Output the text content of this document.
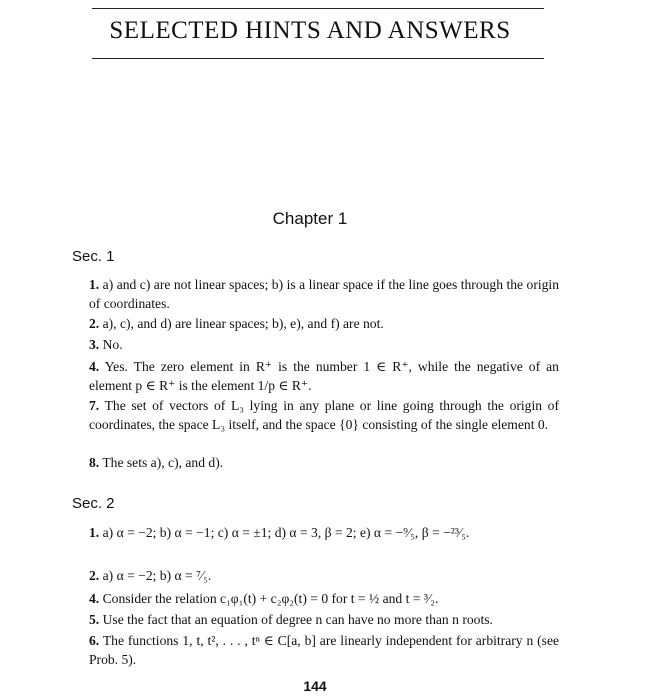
SELECTED HINTS AND ANSWERS
Chapter 1
Sec. 1
1. a) and c) are not linear spaces; b) is a linear space if the line goes through the origin of coordinates.
2. a), c), and d) are linear spaces; b), e), and f) are not.
3. No.
4. Yes. The zero element in R⁺ is the number 1 ∈ R⁺, while the negative of an element p ∈ R⁺ is the element 1/p ∈ R⁺.
7. The set of vectors of L₃ lying in any plane or line going through the origin of coordinates, the space L₃ itself, and the space {0} consisting of the single element 0.
8. The sets a), c), and d).
Sec. 2
1. a) α = −2; b) α = −1; c) α = ±1; d) α = 3, β = 2; e) α = −⁹⁄₅, β = −²³⁄₅.
2. a) α = −2; b) α = ⁷⁄₅.
4. Consider the relation c₁φ₁(t) + c₂φ₂(t) = 0 for t = ½ and t = ³⁄₂.
5. Use the fact that an equation of degree n can have no more than n roots.
6. The functions 1, t, t², . . . , tⁿ ∈ C[a, b] are linearly independent for arbitrary n (see Prob. 5).
144
